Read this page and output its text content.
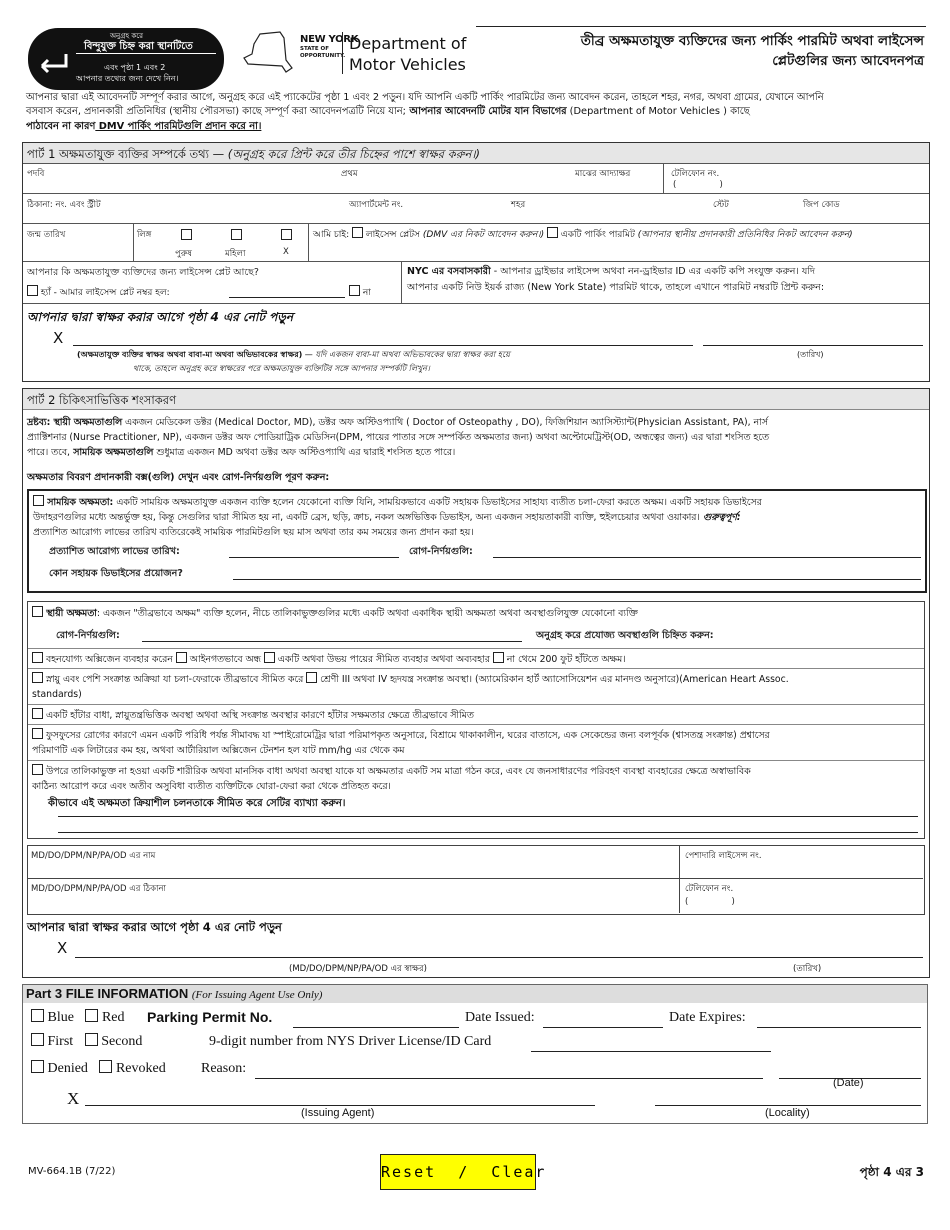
অনুগ্রহ করে
বিন্দুযুক্ত চিহ্ন করা স্থানটিতে
এবং পৃষ্ঠা 1 এবং 2
আপনার তথ্যের জন্য দেখে নিন।
NEW YORK
STATE OF OPPORTUNITY.
Department of
Motor Vehicles
তীব্র অক্ষমতাযুক্ত ব্যক্তিদের জন্য পার্কিং পারমিট অথবা লাইসেন্স
প্লেটগুলির জন্য আবেদনপত্র
আপনার দ্বারা এই আবেদনটি সম্পূর্ণ করার আগে, অনুগ্রহ করে এই প্যাকেটের পৃষ্ঠা 1 এবং 2 পড়ুন। যদি আপনি একটি পার্কিং পারমিটের জন্য আবেদন করেন, তাহলে শহর, নগর, অথবা গ্রামের, যেখানে আপনি
বসবাস করেন, প্রদানকারী প্রতিনিধির (স্থানীয় পৌরসভা) কাছে সম্পূর্ণ করা আবেদনপত্রটি নিয়ে যান; আপনার আবেদনটি মোটর যান বিভাগের (Department of Motor Vehicles ) কাছে
পাঠাবেন না কারণ DMV পার্কিং পারমিটগুলি প্রদান করে না।
পার্ট 1 অক্ষমতাযুক্ত ব্যক্তির সম্পর্কে তথ্য — (অনুগ্রহ করে প্রিন্ট করে তীর চিহ্নের পাশে স্বাক্ষর করুন।)
পদবি	প্রথম	মাঝের আদ্যাক্ষর	টেলিফোন নং.
(                )
ঠিকানা: নং. এবং স্ট্রীট	অ্যাপার্টমেন্ট নং.	শহর	স্টেট	জিপ কোড
জন্ম তারিখ	লিঙ্গ
পুরুষ	মহিলা	X
আমি চাই:  লাইসেন্স প্লেটস (DMV এর নিকট আবেদন করুন।)  একটি পার্কিং পারমিট (আপনার স্থানীয় প্রদানকারী প্রতিনিধির নিকট আবেদন করুন)
আপনার কি অক্ষমতাযুক্ত ব্যক্তিদের জন্য লাইসেন্স প্লেট আছে?
হ্যাঁ - আমার লাইসেন্স প্লেট নম্বর হল:	না
NYC এর বসবাসকারী - আপনার ড্রাইভার লাইসেন্স অথবা নন-ড্রাইভার ID এর একটি কপি সংযুক্ত করুন। যদি
আপনার একটি নিউ ইয়র্ক রাজ্য (New York State) পারমিট থাকে, তাহলে এখানে পারমিট নম্বরটি প্রিন্ট করুন:
আপনার দ্বারা স্বাক্ষর করার আগে পৃষ্ঠা 4 এর নোট পড়ুন
X
(অক্ষমতাযুক্ত ব্যক্তির স্বাক্ষর অথবা বাবা-মা অথবা অভিভাবকের স্বাক্ষর) — যদি একজন বাবা-মা অথবা অভিভাবকের দ্বারা স্বাক্ষর করা হয়ে
থাকে, তাহলে অনুগ্রহ করে স্বাক্ষরের পরে অক্ষমতাযুক্ত ব্যক্তিটির সঙ্গে আপনার সম্পর্কটি লিখুন।
(তারিখ)
পার্ট 2 চিকিৎসাভিত্তিক শংসাকরণ
দ্রষ্টব্য: স্থায়ী অক্ষমতাগুলি একজন মেডিকেল ডক্টর (Medical Doctor, MD), ডক্টর অফ অস্টিওপ্যাথি ( Doctor of Osteopathy , DO), ফিজিশিয়ান অ্যাসিস্ট্যান্ট(Physician Assistant, PA), নার্স
প্র্যাক্টিশনার (Nurse Practitioner, NP), একজন ডক্টর অফ পোডিয়াট্রিক মেডিসিন(DPM, পায়ের পাতার সঙ্গে সম্পর্কিত অক্ষমতার জন্য) অথবা অপ্টোমেট্রিস্ট(OD, অন্ধত্বের জন্য) এর দ্বারা শংসিত হতে
পারে। তবে, সাময়িক অক্ষমতাগুলি শুধুমাত্র একজন MD অথবা ডক্টর অফ অস্টিওপ্যাথি এর দ্বারাই শংসিত হতে পারে।
অক্ষমতার বিবরণ প্রদানকারী বক্স(গুলি) দেখুন এবং রোগ-নির্ণয়গুলি পূরণ করুন:
সাময়িক অক্ষমতা: একটি সাময়িক অক্ষমতাযুক্ত একজন ব্যক্তি হলেন যেকোনো ব্যক্তি যিনি, সাময়িকভাবে একটি সহায়ক ডিভাইসের সাহায্য ব্যতীত চলা-ফেরা করতে অক্ষম। একটি সহায়ক ডিভাইসের
উদাহরণগুলির মধ্যে অন্তর্ভুক্ত হয়, কিন্তু সেগুলির দ্বারা সীমিত হয় না, একটি ব্রেস, ছড়ি, ক্রাচ, নকল অঙ্গভিত্তিক ডিভাইস, অন্য একজন সহায়তাকারী ব্যক্তি, হুইলচেয়ার অথবা ওয়াকার। গুরুত্বপূর্ণ:
প্রত্যাশিত আরোগ্য লাভের তারিখ ব্যতিরেকেই সাময়িক পারমিটগুলি ছয় মাস অথবা তার কম সময়ের জন্য প্রদান করা হয়।
প্রত্যাশিত আরোগ্য লাভের তারিখ:	রোগ-নির্ণয়গুলি:
কোন সহায়ক ডিভাইসের প্রয়োজন?
স্থায়ী অক্ষমতা: একজন "তীব্রভাবে অক্ষম" ব্যক্তি হলেন, নীচে তালিকাভুক্তগুলির মধ্যে একটি অথবা একাধিক স্থায়ী অক্ষমতা অথবা অবস্থাগুলিযুক্ত যেকোনো ব্যক্তি
রোগ-নির্ণয়গুলি:	অনুগ্রহ করে প্রযোজ্য অবস্থাগুলি চিহ্নিত করুন:
বহনযোগ্য অক্সিজেন ব্যবহার করেন  আইনগতভাবে অন্ধ  একটি অথবা উভয় পায়ের সীমিত ব্যবহার অথবা অব্যবহার  না থেমে 200 ফুট হাঁটতে অক্ষম।
স্নায়ু এবং পেশি সংক্রান্ত অক্রিয়া যা চলা-ফেরাকে তীব্রভাবে সীমিত করে  শ্রেণী III অথবা IV হৃদযন্ত্র সংক্রান্ত অবস্থা। (অ্যামেরিকান হার্ট অ্যাসোসিয়েশন এর মানদণ্ড অনুসারে)(American Heart Assoc.
standards)
একটি হাঁটার বাধা, স্নায়ুতন্ত্রভিত্তিক অবস্থা অথবা অস্থি সংক্রান্ত অবস্থার কারণে হাঁটার সক্ষমতার ক্ষেত্রে তীব্রভাবে সীমিত
ফুসফুসের রোগের কারণে এমন একটি পরিধি পর্যন্ত সীমাবদ্ধ যা স্পাইরোমেট্রির দ্বারা পরিমাপকৃত অনুসারে, বিশ্রামে থাকাকালীন, ঘরের বাতাসে, এক সেকেন্ডের জন্য বলপূর্বক (শ্বাসতন্ত্র সংক্রান্ত) প্রশ্বাসের
পরিমাণটি এক লিটারের কম হয়, অথবা আর্টারিয়াল অক্সিজেন টেনশন হল যাট mm/hg এর থেকে কম
উপরে তালিকাভুক্ত না হওয়া একটি শারীরিক অথবা মানসিক বাধা অথবা অবস্থা যাকে যা অক্ষমতার একটি সম মাত্রা গঠন করে, এবং যে জনসাধারণের পরিবহণ ব্যবস্থা ব্যবহারের ক্ষেত্রে অস্বাভাবিক
কাঠিন্য আরোপ করে এবং অতীব অসুবিধা ব্যতীত ব্যক্তিটিকে ঘোরা-ফেরা করা থেকে প্রতিহত করে।
কীভাবে এই অক্ষমতা ক্রিয়াশীল চলনতাকে সীমিত করে সেটির ব্যাখ্যা করুন।
MD/DO/DPM/NP/PA/OD এর নাম	পেশাদারি লাইসেন্স নং.
MD/DO/DPM/NP/PA/OD এর ঠিকানা	টেলিফোন নং.
(                )
আপনার দ্বারা স্বাক্ষর করার আগে পৃষ্ঠা 4 এর নোট পড়ুন
X
(MD/DO/DPM/NP/PA/OD এর স্বাক্ষর)	(তারিখ)
Part 3 FILE INFORMATION (For Issuing Agent Use Only)
Blue Red Parking Permit No.	Date Issued:	Date Expires:
First Second	9-digit number from NYS Driver License/ID Card
Denied Revoked	Reason:
(Date)
X
(Issuing Agent)	(Locality)
MV-664.1B (7/22)	Reset  /  Clear	পৃষ্ঠা 4 এর 3
